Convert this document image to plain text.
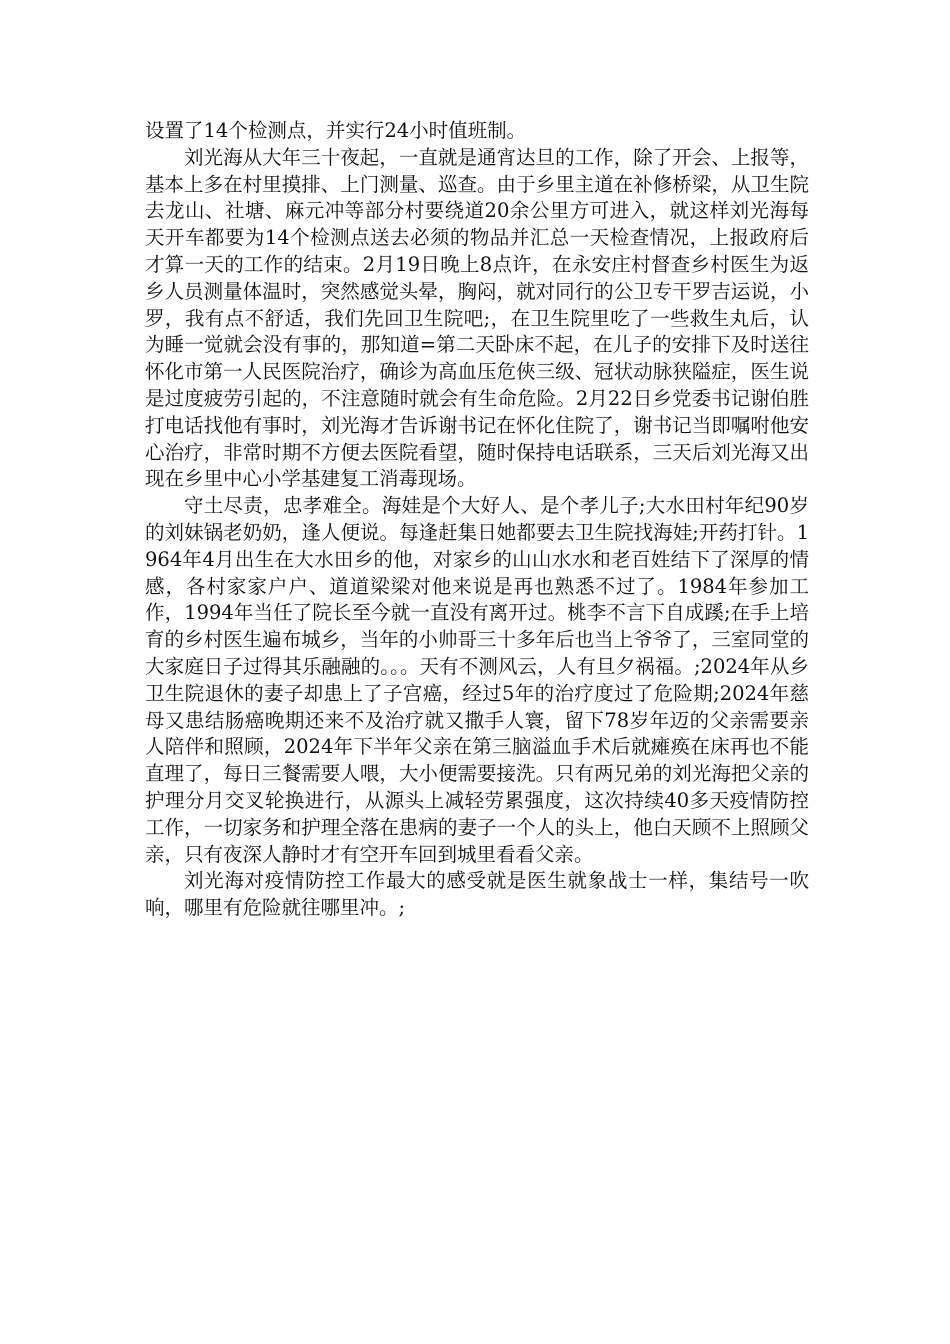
设置了14个检测点，并实行24小时值班制。

刘光海从大年三十夜起，一直就是通宵达旦的工作，除了开会、上报等，基本上多在村里摸排、上门测量、巡查。由于乡里主道在补修桥梁，从卫生院去龙山、社塘、麻元冲等部分村要绕道20余公里方可进入，就这样刘光海每天开车都要为14个检测点送去必须的物品并汇总一天检查情况，上报政府后才算一天的工作的结束。2月19日晚上8点许，在永安庄村督查乡村医生为返乡人员测量体温时，突然感觉头晕，胸闷，就对同行的公卫专干罗吉运说，小罗，我有点不舒适，我们先回卫生院吧;，在卫生院里吃了一些救生丸后，认为睡一觉就会没有事的，那知道=第二天卧床不起，在儿子的安排下及时送往怀化市第一人民医院治疗，确诊为高血压危俠三级、冠状动脉狭隘症，医生说是过度疲劳引起的，不注意随时就会有生命危险。2月22日乡党委书记谢伯胜打电话找他有事时，刘光海才告诉谢书记在怀化住院了，谢书记当即嘱咐他安心治疗，非常时期不方便去医院看望，随时保持电话联系，三天后刘光海又出现在乡里中心小学基建复工消毒现场。

守土尽责，忠孝难全。海娃是个大好人、是个孝儿子;大水田村年纪90岁的刘妹锅老奶奶，逢人便说。每逢赶集日她都要去卫生院找海娃;开药打针。1964年4月出生在大水田乡的他，对家乡的山山水水和老百姓结下了深厚的情感，各村家家户户、道道梁梁对他来说是再也熟悉不过了。1984年参加工作，1994年当任了院长至今就一直没有离开过。桃李不言下自成蹊;在手上培育的乡村医生遍布城乡，当年的小帅哥三十多年后也当上爷爷了，三室同堂的大家庭日子过得其乐融融的。。。天有不测风云，人有旦夕祸福。;2024年从乡卫生院退休的妻子却患上了子宫癌，经过5年的治疗度过了危险期;2024年慈母又患结肠癌晚期还来不及治疗就又撒手人寰，留下78岁年迈的父亲需要亲人陪伴和照顾，2024年下半年父亲在第三脑溢血手术后就瘫痪在床再也不能直理了，每日三餐需要人喂，大小便需要接洗。只有两兄弟的刘光海把父亲的护理分月交叉轮换进行，从源头上减轻劳累强度，这次持续40多天疫情防控工作，一切家务和护理全落在患病的妻子一个人的头上，他白天顾不上照顾父亲，只有夜深人静时才有空开车回到城里看看父亲。

刘光海对疫情防控工作最大的感受就是医生就象战士一样，集结号一吹响，哪里有危险就往哪里冲。;
